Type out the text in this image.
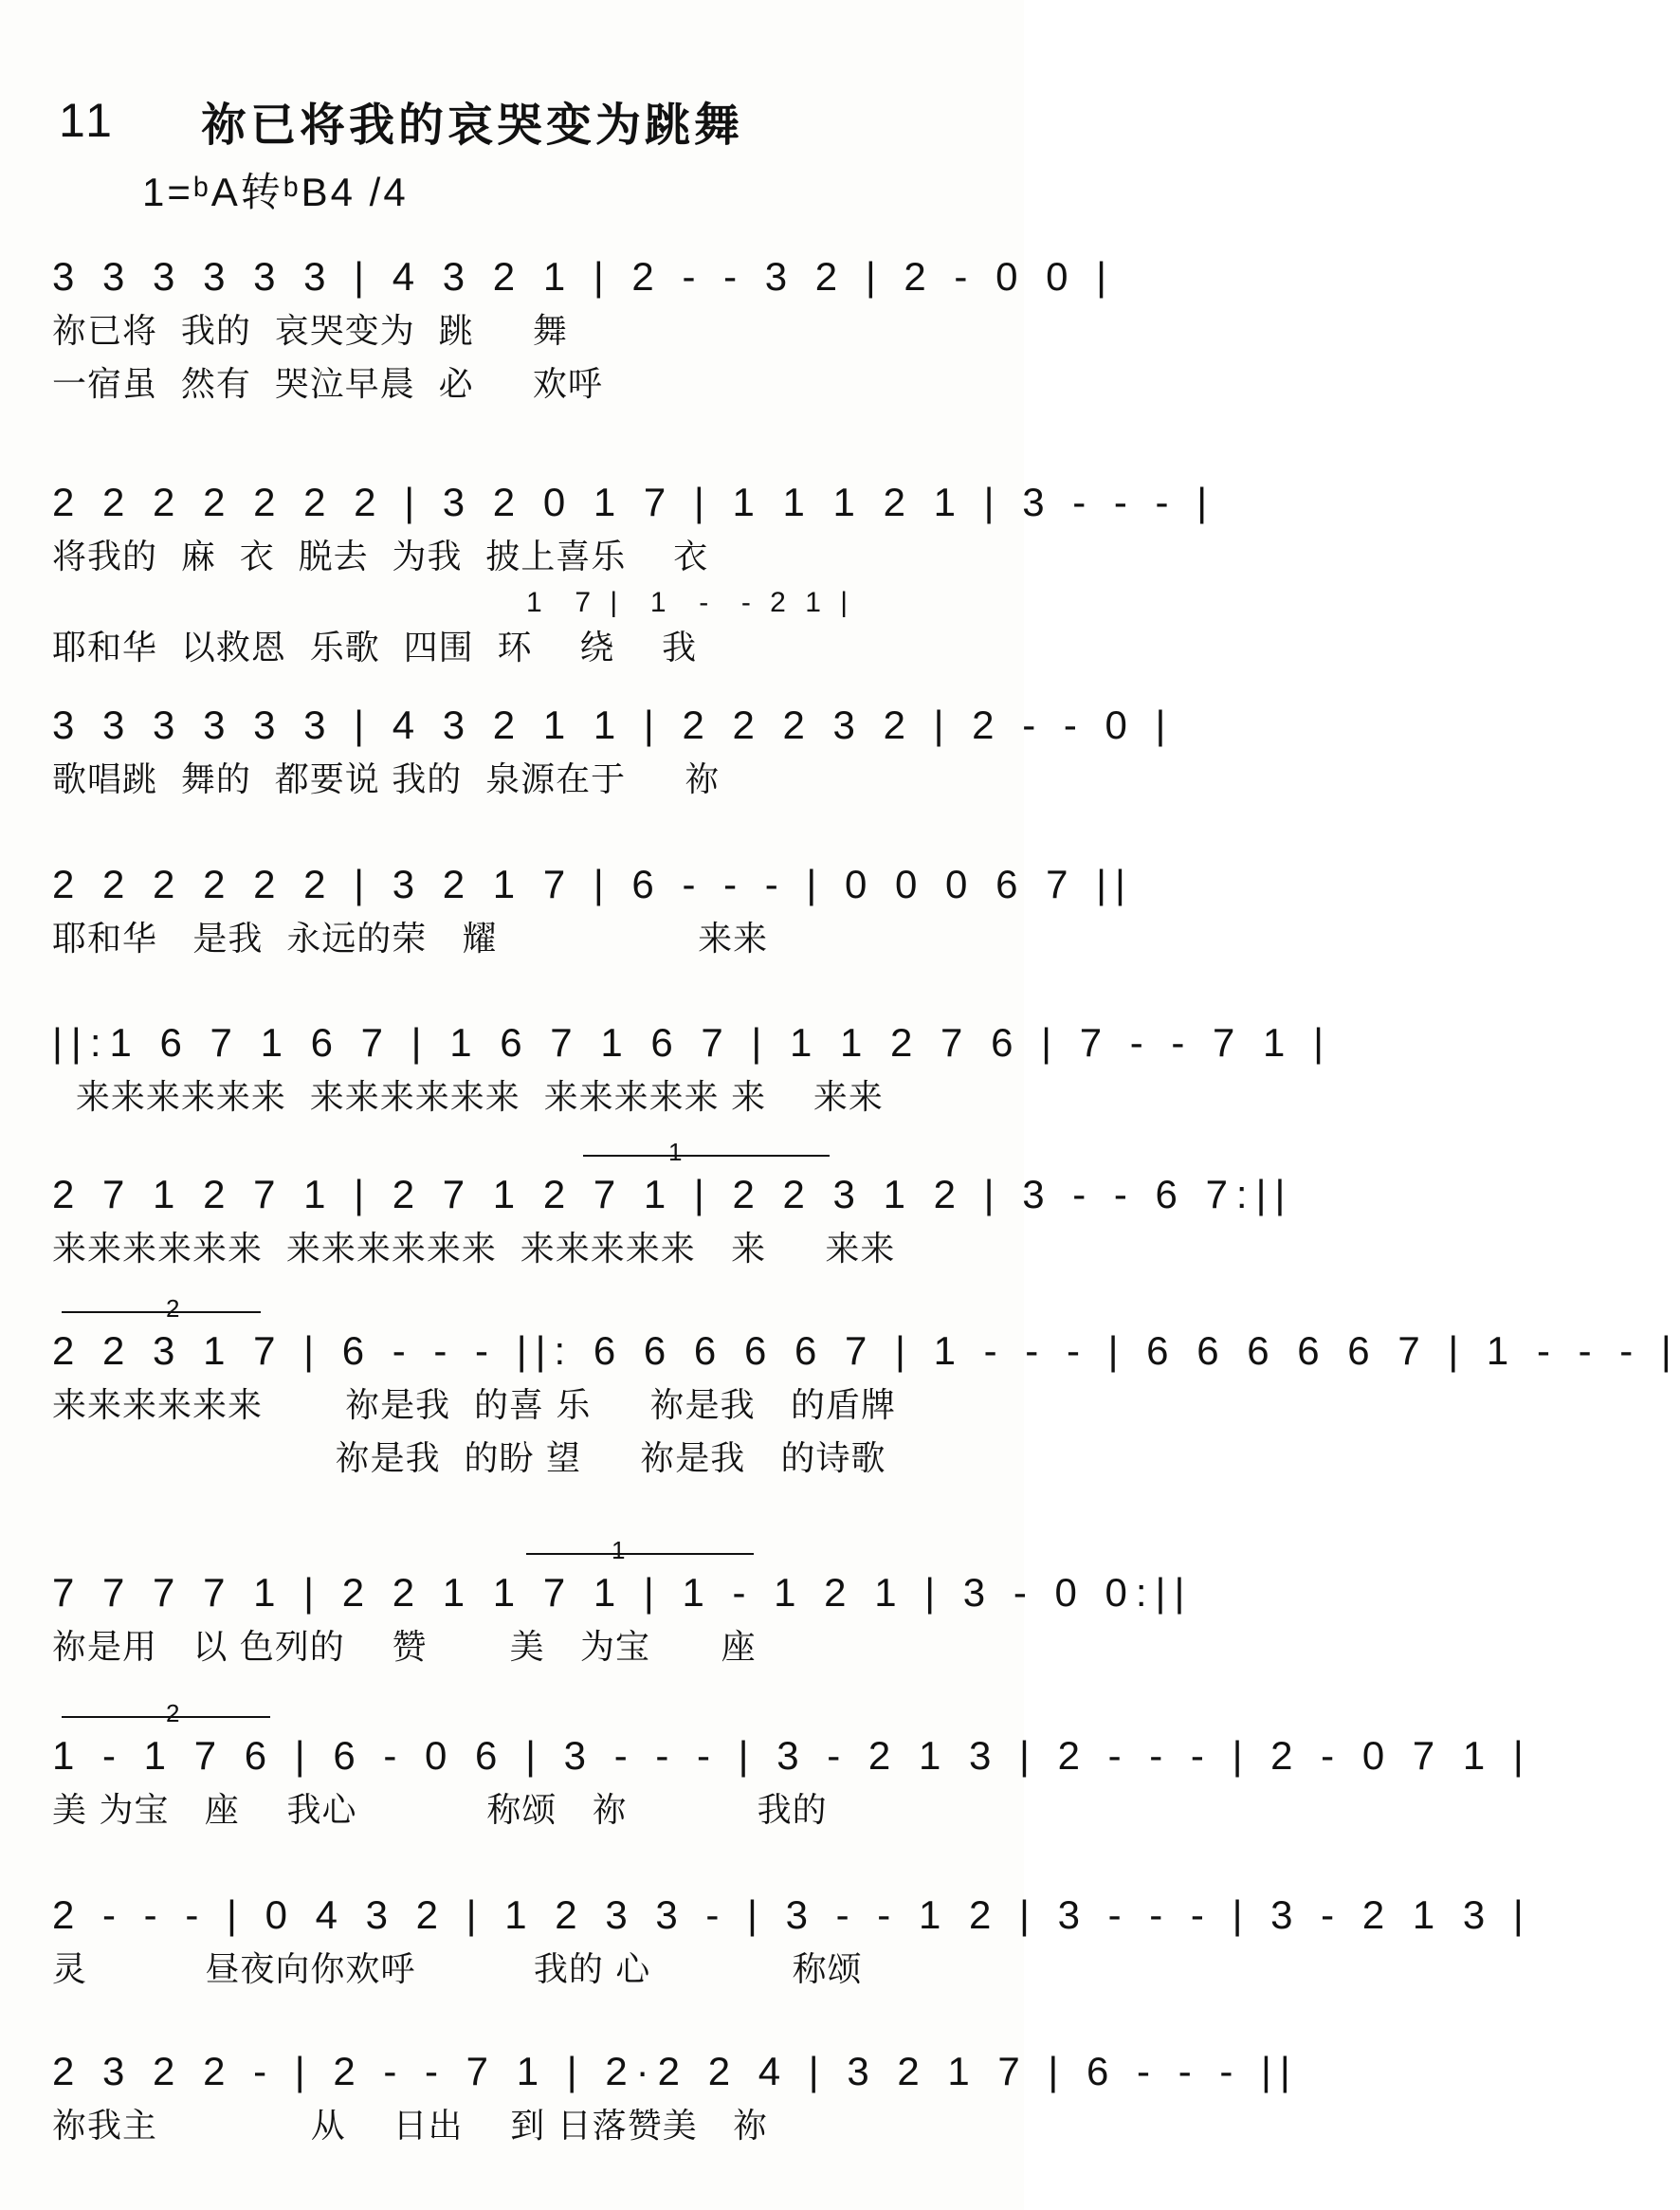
11	祢已将我的哀哭变为跳舞
1=ᵇA转ᵇB4 /4
3 3 3 3 3 3 | 4 3 2 1 | 2 - - 3 2 | 2 - 0 0 |
祢已将  我的  哀哭变为  跳     舞
一宿虽  然有  哭泣早晨  必     欢呼
2 2 2 2 2 2 2 | 3 2 0 1 7 | 1 1 1 2 1 | 3 - - - |
将我的  麻  衣  脱去  为我  披上喜乐    衣
1  7 |  1  -  - 2 1 |
耶和华  以救恩  乐歌  四围  环    绕    我
3 3 3 3 3 3 | 4 3 2 1 1 | 2 2 2 3 2 | 2 - - 0 |
歌唱跳  舞的  都要说 我的  泉源在于     祢
2 2 2 2 2 2 | 3 2 1 7 | 6 - - - | 0 0 0 6 7 ||
耶和华   是我  永远的荣   耀                 来来
||:1 6 7 1 6 7 | 1 6 7 1 6 7 | 1 1 2 7 6 | 7 - - 7 1 |
来来来来来来  来来来来来来  来来来来来 来    来来
1
2 7 1 2 7 1 | 2 7 1 2 7 1 | 2 2 3 1 2 | 3 - - 6 7:||
来来来来来来  来来来来来来  来来来来来   来     来来
2
2 2 3 1 7 | 6 - - - ||: 6 6 6 6 6 7 | 1 - - - | 6 6 6 6 6 7 | 1 - - - |
来来来来来来       祢是我  的喜 乐     祢是我   的盾牌
祢是我  的盼 望     祢是我   的诗歌
1
7 7 7 7 1 | 2 2 1 1 7 1 | 1 - 1 2 1 | 3 - 0 0:||
祢是用   以 色列的    赞       美   为宝      座
2
1 - 1 7 6 | 6 - 0 6 | 3 - - - | 3 - 2 1 3 | 2 - - - | 2 - 0 7 1 |
美 为宝   座    我心           称颂   祢           我的
2 - - - | 0 4 3 2 | 1 2 3 3 - | 3 - - 1 2 | 3 - - - | 3 - 2 1 3 |
灵          昼夜向你欢呼          我的 心            称颂
2 3 2 2 - | 2 - - 7 1 | 2·2 2 4 | 3 2 1 7 | 6 - - - ||
祢我主             从    日出    到 日落赞美   祢
